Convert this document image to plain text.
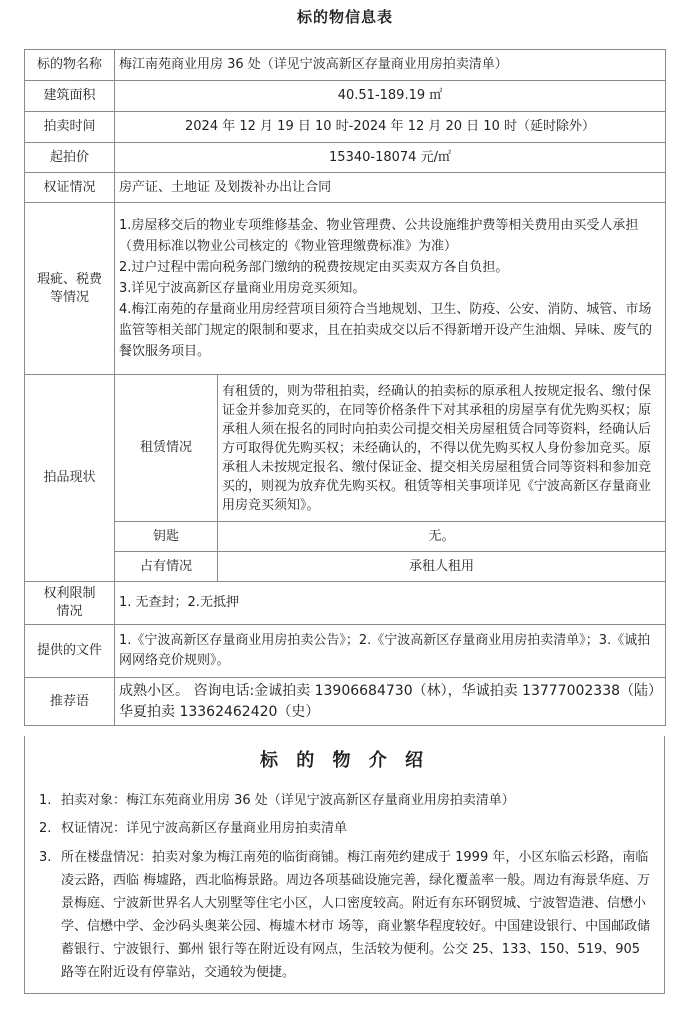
标的物信息表
标的物名称	梅江南苑商业用房 36 处（详见宁波高新区存量商业用房拍卖清单）	
建筑面积	40.51-189.19 ㎡	
拍卖时间	2024 年 12 月 19 日 10 时-2024 年 12 月 20 日 10 时（延时除外）	
起拍价	15340-18074 元/㎡	
权证情况	房产证、土地证 及划拨补办出让合同	

瑕疵、税费
等情况	1.房屋移交后的物业专项维修基金、物业管理费、公共设施维护费等相关费用由买受人承担（费用标准以物业公司核定的《物业管理缴费标准》为准）
2.过户过程中需向税务部门缴纳的税费按规定由买卖双方各自负担。
3.详见宁波高新区存量商业用房竞买须知。
4.梅江南苑的存量商业用房经营项目须符合当地规划、卫生、防疫、公安、消防、城管、市场监管等相关部门规定的限制和要求，且在拍卖成交以后不得新增开设产生油烟、异味、废气的餐饮服务项目。	

拍品现状	租赁情况	有租赁的，则为带租拍卖，经确认的拍卖标的原承租人按规定报名、缴付保证金并参加竞买的，在同等价格条件下对其承租的房屋享有优先购买权；原承租人须在报名的同时向拍卖公司提交相关房屋租赁合同等资料，经确认后方可取得优先购买权；未经确认的，不得以优先购买权人身份参加竞买。原承租人未按规定报名、缴付保证金、提交相关房屋租赁合同等资料和参加竞买的，则视为放弃优先购买权。租赁等相关事项详见《宁波高新区存量商业用房竞买须知》。
	钥匙	无。
	占有情况	承租人租用

权利限制
情况	1. 无查封；2.无抵押	
提供的文件	1.《宁波高新区存量商业用房拍卖公告》；2.《宁波高新区存量商业用房拍卖清单》；3.《诚拍网网络竞价规则》。	
推荐语	成熟小区。 咨询电话:金诚拍卖 13906684730（林），华诚拍卖 13777002338（陆）华夏拍卖 13362462420（史）	
标 的 物 介 绍
1. 拍卖对象：梅江东苑商业用房 36 处（详见宁波高新区存量商业用房拍卖清单）
2. 权证情况：详见宁波高新区存量商业用房拍卖清单
3. 所在楼盘情况：拍卖对象为梅江南苑的临街商铺。梅江南苑约建成于 1999 年，小区东临云杉路，南临凌云路，西临 梅墟路，西北临梅景路。周边各项基础设施完善，绿化覆盖率一般。周边有海景华庭、万景梅庭、宁波新世界名人大别墅等住宅小区，人口密度较高。附近有东环钢贸城、宁波智造港、信懋小学、信懋中学、金沙码头奥莱公园、梅墟木材市 场等，商业繁华程度较好。中国建设银行、中国邮政储蓄银行、宁波银行、鄞州 银行等在附近设有网点，生活较为便利。公交 25、133、150、519、905 路等在附近设有停靠站，交通较为便捷。
